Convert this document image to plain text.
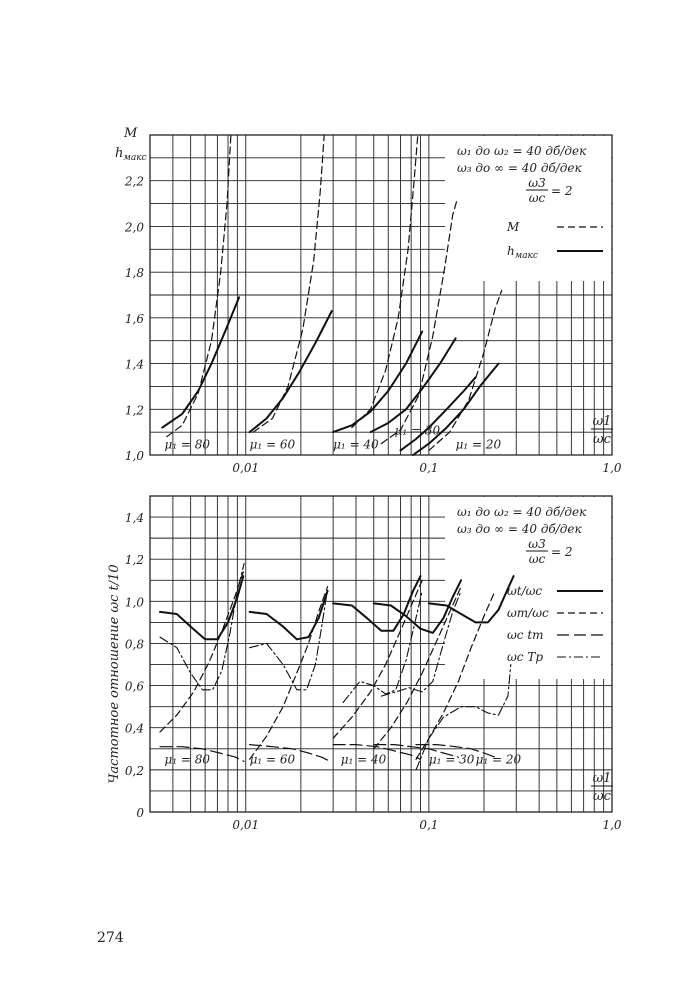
1,0
1,2
1,4
1,6
1,8
2,0
2,2
0,01	0,1	1,0
μ₁ = 80	μ₁ = 60	μ₁ = 40
μ₁ = 30
μ₁ = 20
ω1
ωc
ω₁ до ω₂ = 40 дб/дек
ω₃ до ∞ = 40 дб/дек
ω3
ωc = 2
M
$h_{макс}$
M
$h_{макс}$
0
0,2
0,4
0,6
0,8
1,0
1,2
1,4
0,01	0,1	1,0
μ₁ = 80	μ₁ = 60	μ₁ = 40	μ₁ = 30 μ₁ = 20
ω1
ωc
ω₁ до ω₂ = 40 дб/дек
ω₃ до ∞ = 40 дб/дек
ω3
ωc = 2
ωt/ωc
ωm/ωc
ωc tm
ωc Tp
Частотное отношение ωc t/10
274
